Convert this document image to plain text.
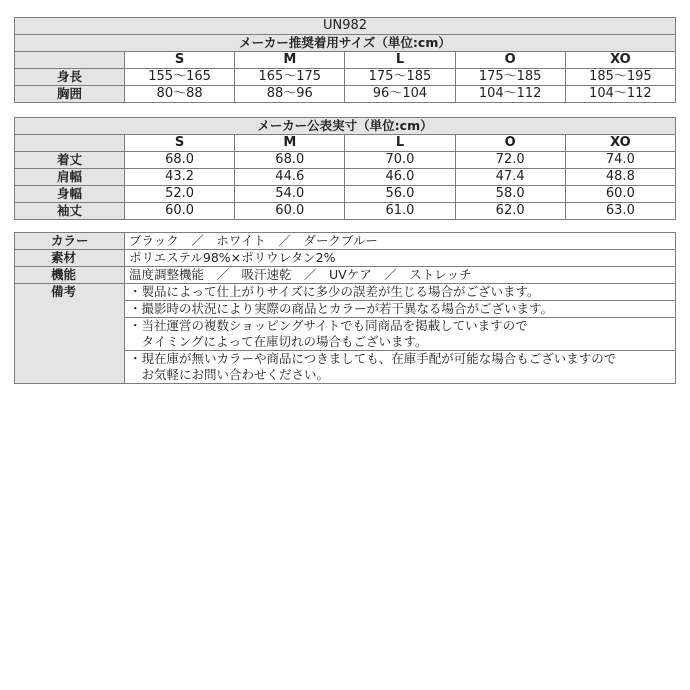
UN982					
メーカー推奨着用サイズ（単位:cm）					
	S	M	L	O	XO
身長	155〜165	165〜175	175〜185	175〜185	185〜195
胸囲	80〜88	88〜96	96〜104	104〜112	104〜112
メーカー公表実寸（単位:cm）					
	S	M	L	O	XO
着丈	68.0	68.0	70.0	72.0	74.0
肩幅	43.2	44.6	46.0	47.4	48.8
身幅	52.0	54.0	56.0	58.0	60.0
袖丈	60.0	60.0	61.0	62.0	63.0
カラー	ブラック　／　ホワイト　／　ダークブルー
素材	ポリエステル98%×ポリウレタン2%
機能	温度調整機能　／　吸汗速乾　／　UVケア　／　ストレッチ
備考	・製品によって仕上がりサイズに多少の誤差が生じる場合がございます。

	・撮影時の状況により実際の商品とカラーが若干異なる場合がございます。

	・当社運営の複数ショッピングサイトでも同商品を掲載していますので
　タイミングによって在庫切れの場合もございます。

	・現在庫が無いカラーや商品につきましても、在庫手配が可能な場合もございますので
　お気軽にお問い合わせください。
